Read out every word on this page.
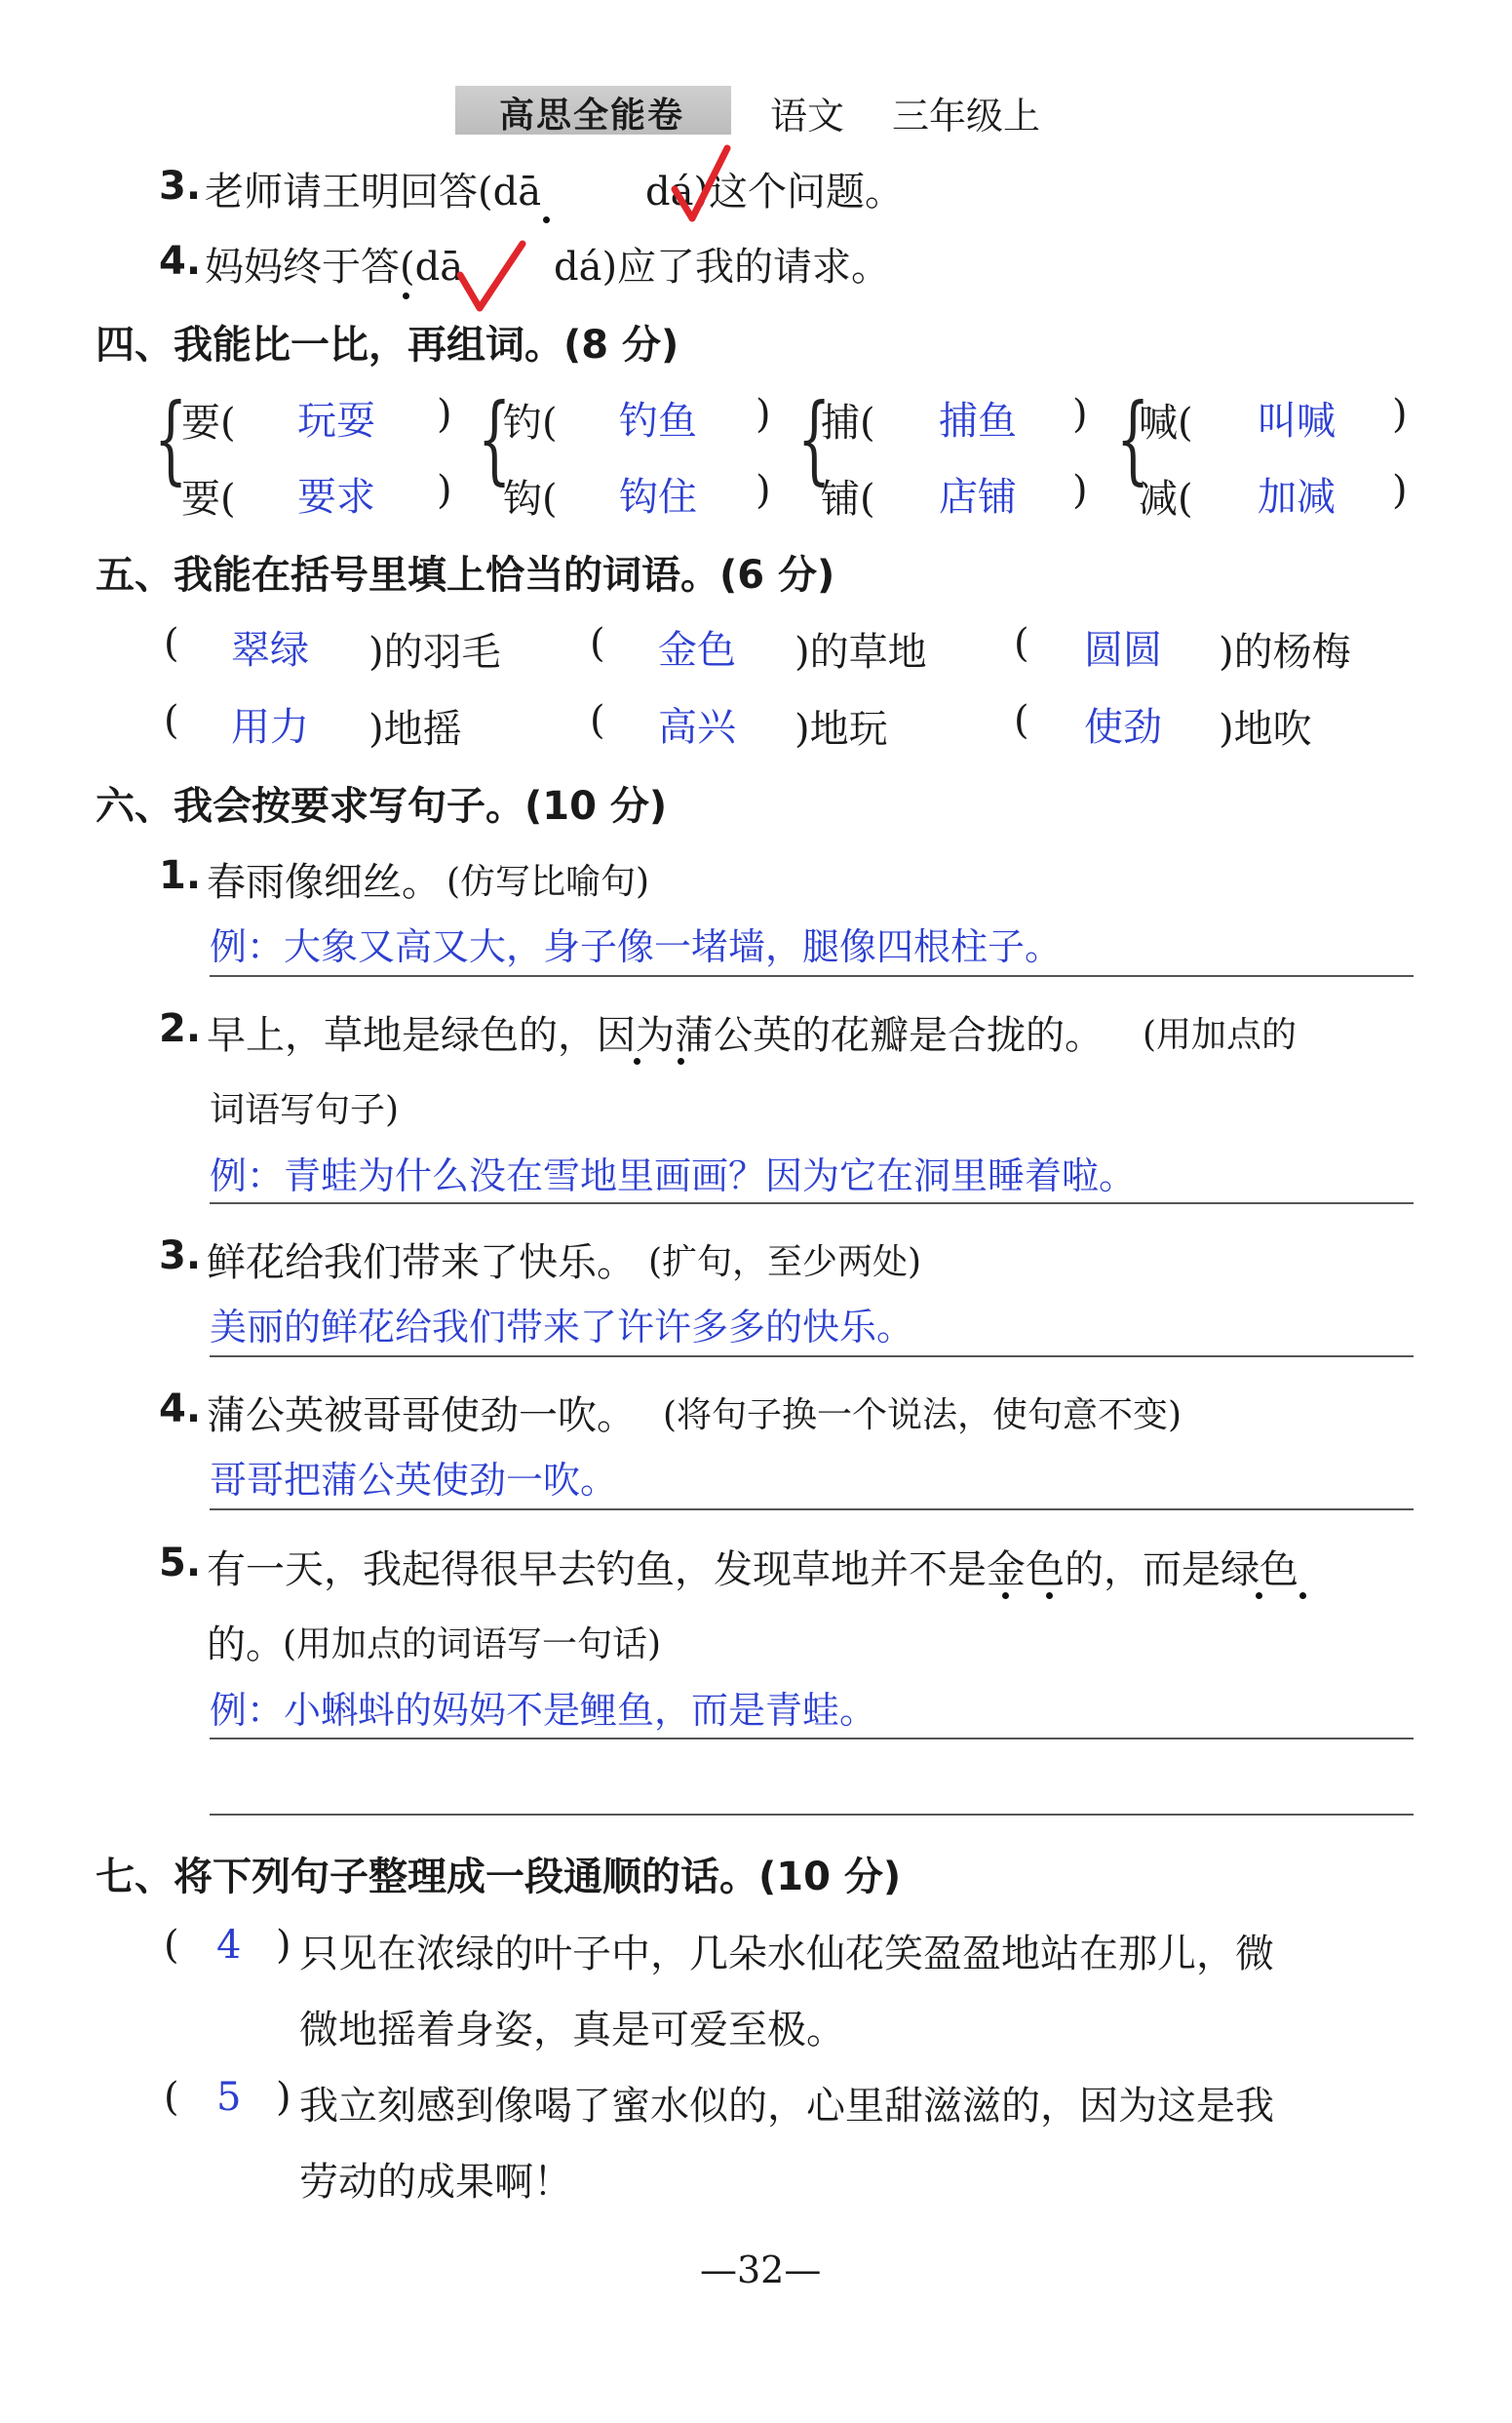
高思全能卷 语文 三年级上
3. 老师请王明回答(dā	dá)这个问题。
4. 妈妈终于答(dā dá)应了我的请求。
四、我能比一比，再组词。(8 分)
{
要( 玩耍 )
要( 要求 ) {
钓( 钓鱼 )
钩( 钩住 ) {
捕( 捕鱼 )
铺( 店铺 ) {
喊( 叫喊 )
减( 加减 )
五、我能在括号里填上恰当的词语。(6 分)
( 翠绿 )的羽毛 ( 金色 )的草地 ( 圆圆 )的杨梅
( 用力 )地摇	( 高兴 )地玩	( 使劲 )地吹
六、我会按要求写句子。(10 分)
1. 春雨像细丝。 (仿写比喻句)
例：大象又高又大，身子像一堵墙，腿像四根柱子。
2. 早上，草地是绿色的，因为蒲公英的花瓣是合拢的。 (用加点的
词语写句子)
例：青蛙为什么没在雪地里画画？因为它在洞里睡着啦。
3. 鲜花给我们带来了快乐。 (扩句，至少两处)
美丽的鲜花给我们带来了许许多多的快乐。
4. 蒲公英被哥哥使劲一吹。 (将句子换一个说法，使句意不变)
哥哥把蒲公英使劲一吹。
5. 有一天，我起得很早去钓鱼，发现草地并不是金色的，而是绿色
的。
(用加点的词语写一句话)
例：小蝌蚪的妈妈不是鲤鱼，而是青蛙。
七、将下列句子整理成一段通顺的话。(10 分)
( 4 ) 只见在浓绿的叶子中，几朵水仙花笑盈盈地站在那儿，微
微地摇着身姿，真是可爱至极。
( 5 ) 我立刻感到像喝了蜜水似的，心里甜滋滋的，因为这是我
劳动的成果啊！
—32—
